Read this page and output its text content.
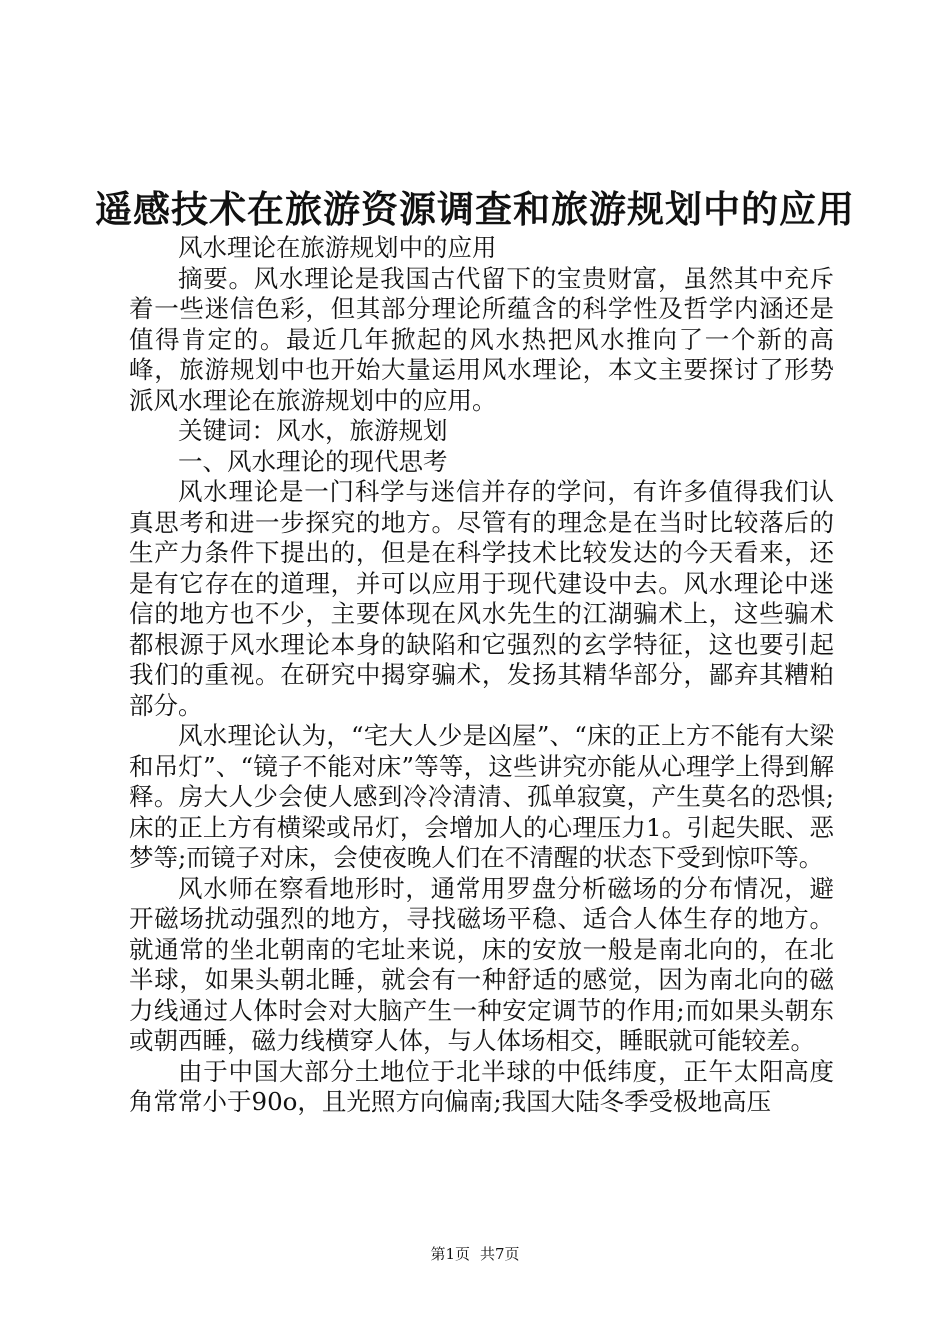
遥感技术在旅游资源调查和旅游规划中的应用

风水理论在旅游规划中的应用

摘要。风水理论是我国古代留下的宝贵财富，虽然其中充斥着一些迷信色彩，但其部分理论所蕴含的科学性及哲学内涵还是值得肯定的。最近几年掀起的风水热把风水推向了一个新的高峰，旅游规划中也开始大量运用风水理论，本文主要探讨了形势派风水理论在旅游规划中的应用。

关键词：风水，旅游规划

一、风水理论的现代思考

风水理论是一门科学与迷信并存的学问，有许多值得我们认真思考和进一步探究的地方。尽管有的理念是在当时比较落后的生产力条件下提出的，但是在科学技术比较发达的今天看来，还是有它存在的道理，并可以应用于现代建设中去。风水理论中迷信的地方也不少，主要体现在风水先生的江湖骗术上，这些骗术都根源于风水理论本身的缺陷和它强烈的玄学特征，这也要引起我们的重视。在研究中揭穿骗术，发扬其精华部分，鄙弃其糟粕部分。

风水理论认为，“宅大人少是凶屋”、“床的正上方不能有大梁和吊灯”、“镜子不能对床”等等，这些讲究亦能从心理学上得到解释。房大人少会使人感到冷冷清清、孤单寂寞，产生莫名的恐惧;床的正上方有横梁或吊灯，会增加人的心理压力1。引起失眠、恶梦等;而镜子对床，会使夜晚人们在不清醒的状态下受到惊吓等。

风水师在察看地形时，通常用罗盘分析磁场的分布情况，避开磁场扰动强烈的地方，寻找磁场平稳、适合人体生存的地方。就通常的坐北朝南的宅址来说，床的安放一般是南北向的，在北半球，如果头朝北睡，就会有一种舒适的感觉，因为南北向的磁力线通过人体时会对大脑产生一种安定调节的作用;而如果头朝东或朝西睡，磁力线横穿人体，与人体场相交，睡眠就可能较差。

由于中国大部分土地位于北半球的中低纬度，正午太阳高度角常常小于90o，且光照方向偏南;我国大陆冬季受极地高压

第1页 共7页
